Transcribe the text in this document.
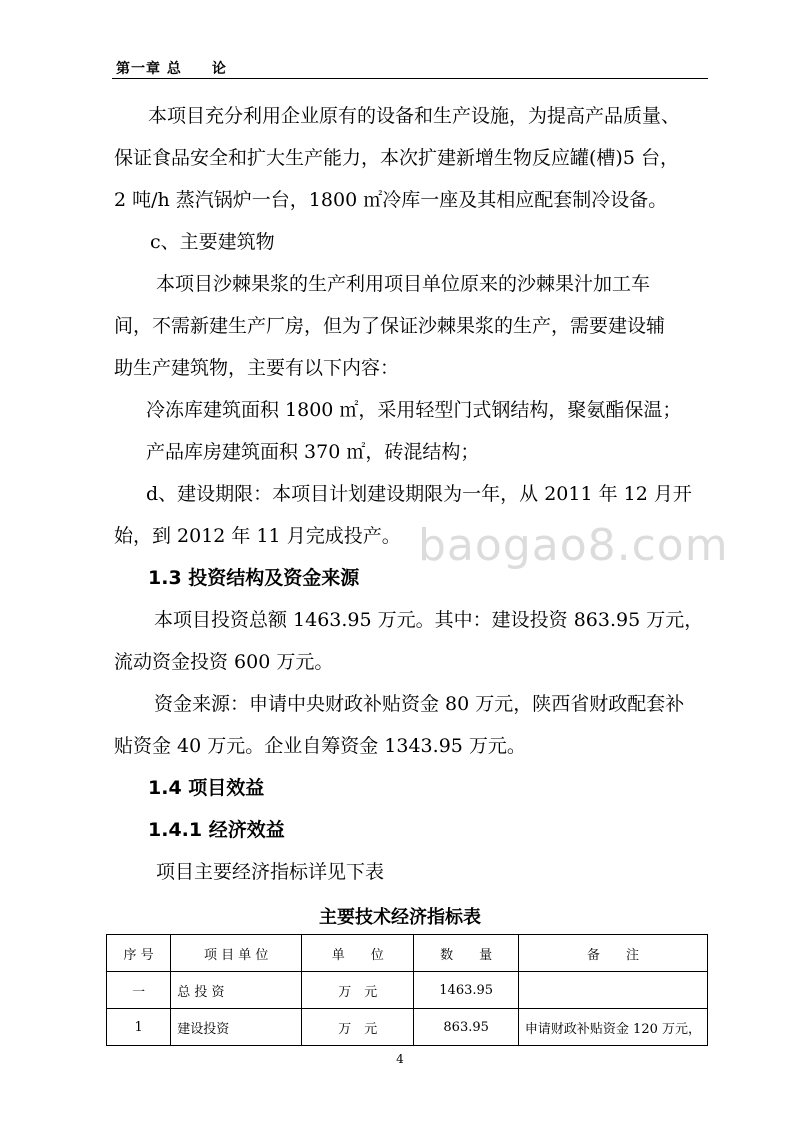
第一章 总　　论
本项目充分利用企业原有的设备和生产设施，为提高产品质量、
保证食品安全和扩大生产能力，本次扩建新增生物反应罐(槽)5 台，
2 吨/h 蒸汽锅炉一台，1800 ㎡冷库一座及其相应配套制冷设备。
c、主要建筑物
本项目沙棘果浆的生产利用项目单位原来的沙棘果汁加工车
间，不需新建生产厂房，但为了保证沙棘果浆的生产，需要建设辅
助生产建筑物，主要有以下内容：
冷冻库建筑面积 1800 ㎡，采用轻型门式钢结构，聚氨酯保温；
产品库房建筑面积 370 ㎡，砖混结构；
d、建设期限：本项目计划建设期限为一年，从 2011 年 12 月开
始，到 2012 年 11 月完成投产。 baogao8.com
1.3 投资结构及资金来源
本项目投资总额 1463.95 万元。其中：建设投资 863.95 万元，
流动资金投资 600 万元。
资金来源：申请中央财政补贴资金 80 万元，陕西省财政配套补
贴资金 40 万元。企业自筹资金 1343.95 万元。
1.4 项目效益
1.4.1 经济效益
项目主要经济指标详见下表
主要技术经济指标表
序 号	项 目 单 位	单　　位	数　　量	备　　注
一	总 投 资	万　元	1463.95	
1	建设投资	万　元	863.95	申请财政补贴资金 120 万元，
4
